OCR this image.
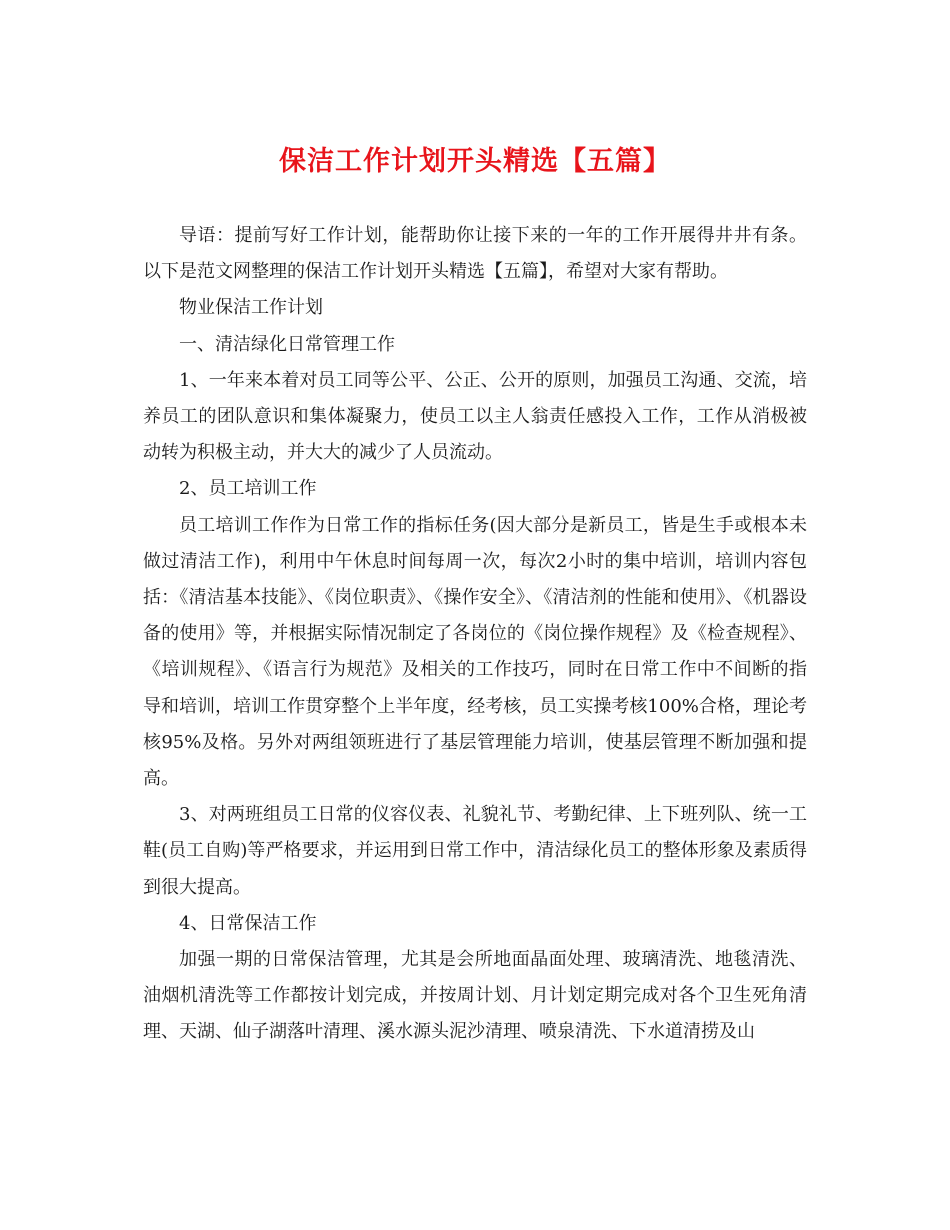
保洁工作计划开头精选【五篇】

导语：提前写好工作计划，能帮助你让接下来的一年的工作开展得井井有条。以下是范文网整理的保洁工作计划开头精选【五篇】，希望对大家有帮助。

物业保洁工作计划

一、清洁绿化日常管理工作

1、一年来本着对员工同等公平、公正、公开的原则，加强员工沟通、交流，培养员工的团队意识和集体凝聚力，使员工以主人翁责任感投入工作，工作从消极被动转为积极主动，并大大的减少了人员流动。

2、员工培训工作

员工培训工作作为日常工作的指标任务(因大部分是新员工，皆是生手或根本未做过清洁工作)，利用中午休息时间每周一次，每次2小时的集中培训，培训内容包括：《清洁基本技能》、《岗位职责》、《操作安全》、《清洁剂的性能和使用》、《机器设备的使用》等，并根据实际情况制定了各岗位的《岗位操作规程》及《检查规程》、《培训规程》、《语言行为规范》及相关的工作技巧，同时在日常工作中不间断的指导和培训，培训工作贯穿整个上半年度，经考核，员工实操考核100%合格，理论考核95%及格。另外对两组领班进行了基层管理能力培训，使基层管理不断加强和提高。

3、对两班组员工日常的仪容仪表、礼貌礼节、考勤纪律、上下班列队、统一工鞋(员工自购)等严格要求，并运用到日常工作中，清洁绿化员工的整体形象及素质得到很大提高。

4、日常保洁工作

加强一期的日常保洁管理，尤其是会所地面晶面处理、玻璃清洗、地毯清洗、油烟机清洗等工作都按计划完成，并按周计划、月计划定期完成对各个卫生死角清理、天湖、仙子湖落叶清理、溪水源头泥沙清理、喷泉清洗、下水道清捞及山
